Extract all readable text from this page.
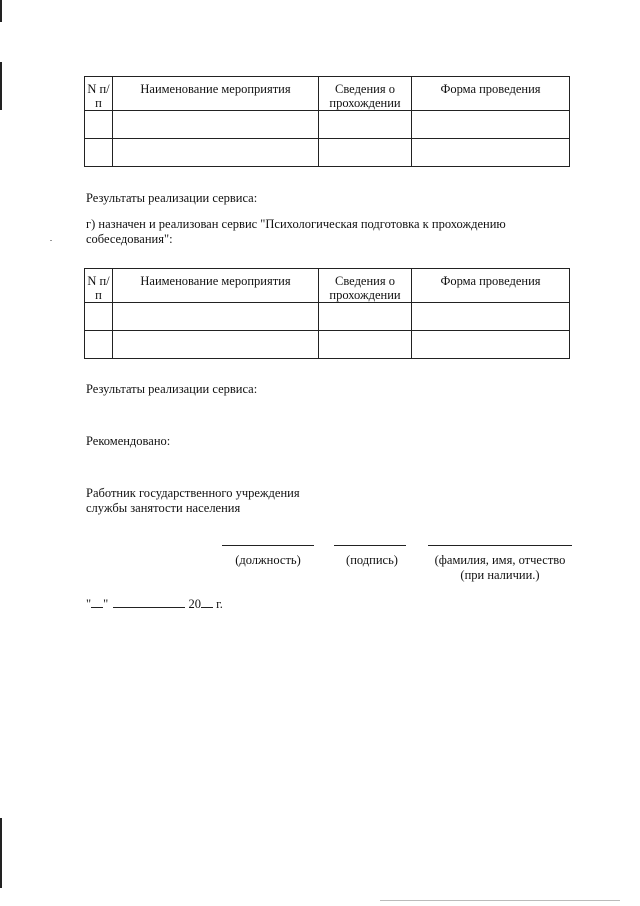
N п/п	Наименование мероприятия	Сведения о прохождении	Форма проведения

Результаты реализации сервиса:
г) назначен и реализован сервис "Психологическая подготовка к прохождению собеседования":
N п/п	Наименование мероприятия	Сведения о прохождении	Форма проведения

Результаты реализации сервиса:
Рекомендовано:
Работник государственного учреждения службы занятости населения
(должность)	(подпись)	(фамилия, имя, отчество (при наличии.)
" "	20 г.
